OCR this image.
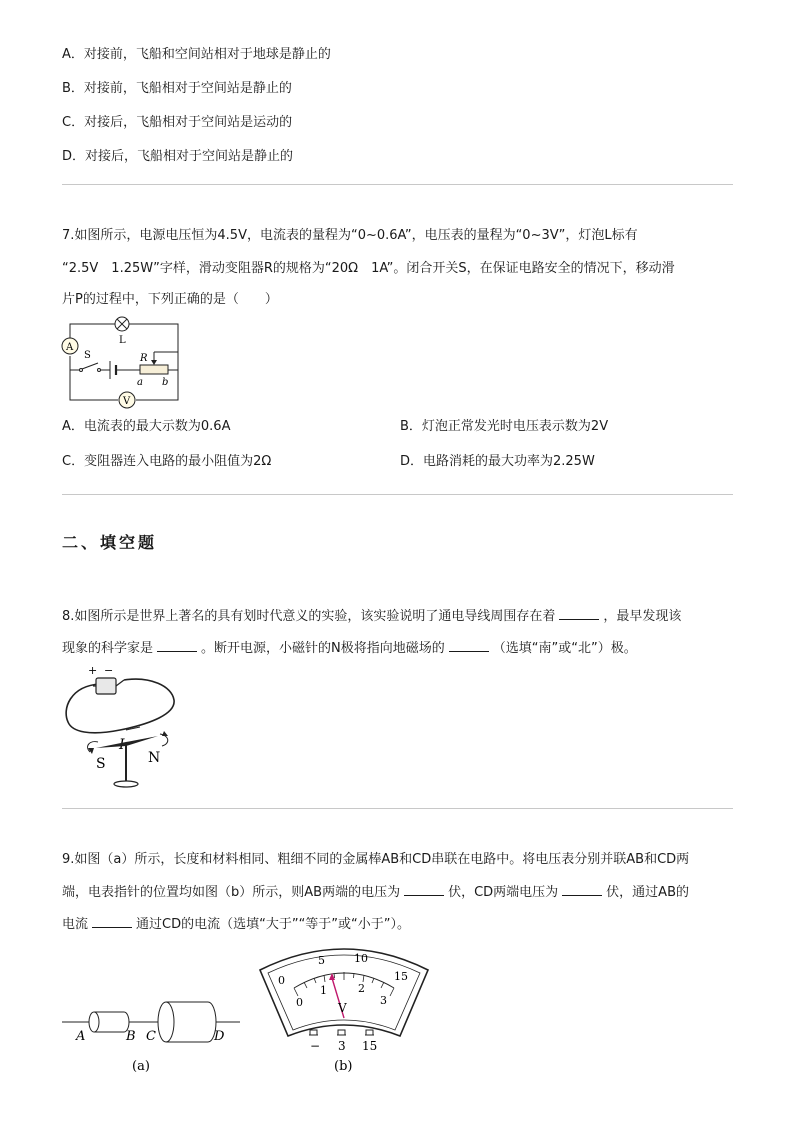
A．对接前，飞船和空间站相对于地球是静止的
B．对接前，飞船相对于空间站是静止的
C．对接后，飞船相对于空间站是运动的
D．对接后，飞船相对于空间站是静止的
7.如图所示，电源电压恒为4.5V，电流表的量程为“0~0.6A”，电压表的量程为“0~3V”，灯泡L标有
“2.5V　1.25W”字样，滑动变阻器R的规格为“20Ω　1A”。闭合开关S，在保证电路安全的情况下，移动滑
片P的过程中，下列正确的是（　　）
L
A
S	R
a b
V
A．电流表的最大示数为0.6A	B．灯泡正常发光时电压表示数为2V
C．变阻器连入电路的最小阻值为2Ω	D．电路消耗的最大功率为2.25W
二、填空题
8.如图所示是世界上著名的具有划时代意义的实验，该实验说明了通电导线周围存在着	，最早发现该
现象的科学家是	。断开电源，小磁针的N极将指向地磁场的	（选填“南”或“北”）极。
+ −
S	N
9.如图（a）所示，长度和材料相同、粗细不同的金属棒AB和CD串联在电路中。将电压表分别并联AB和CD两
端，电表指针的位置均如图（b）所示，则AB两端的电压为	伏，CD两端电压为	伏，通过AB的
电流	通过CD的电流（选填“大于”“等于”或“小于”）。
A	B C	D
(a)
0
5	10
15
0
1	2
3
V
− 3 15
(b)
